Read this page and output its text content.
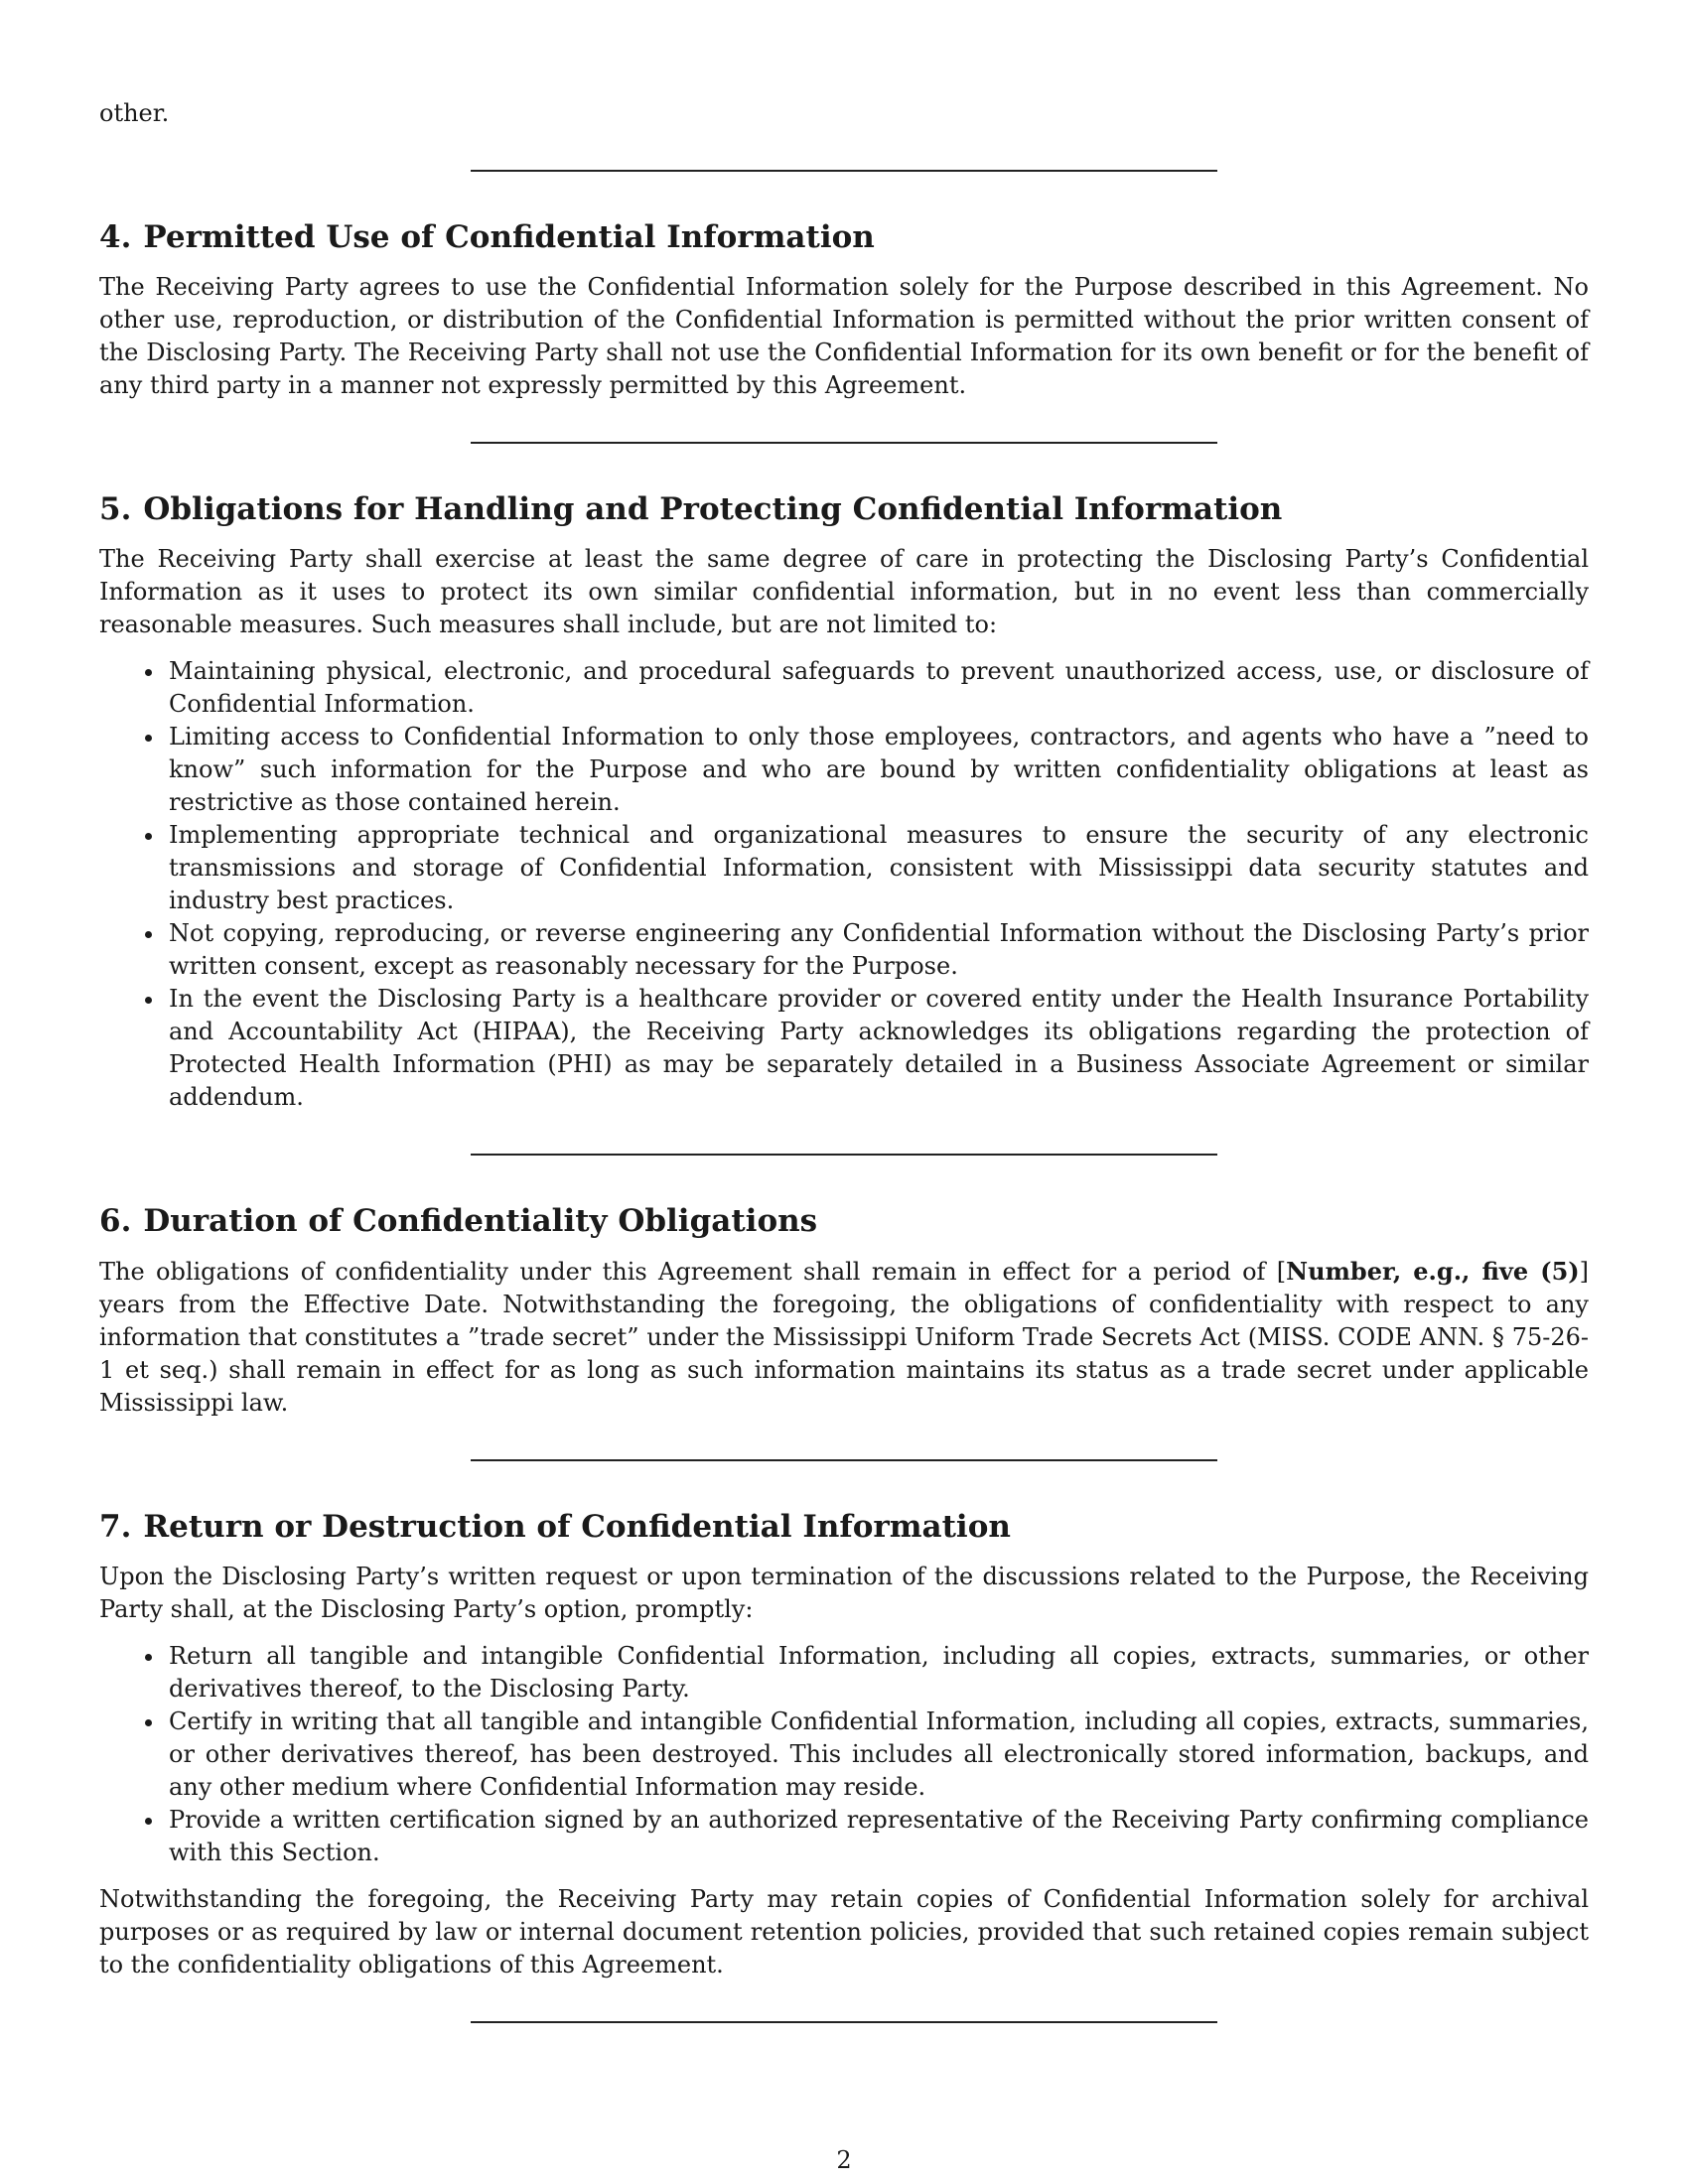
other.

4. Permitted Use of Confidential Information

The Receiving Party agrees to use the Confidential Information solely for the Purpose described in this Agreement. No other use, reproduction, or distribution of the Confidential Information is permitted without the prior written consent of the Disclosing Party. The Receiving Party shall not use the Confidential Information for its own benefit or for the benefit of any third party in a manner not expressly permitted by this Agreement.

5. Obligations for Handling and Protecting Confidential Information

The Receiving Party shall exercise at least the same degree of care in protecting the Disclosing Party’s Confidential Information as it uses to protect its own similar confidential information, but in no event less than commercially reasonable measures. Such measures shall include, but are not limited to:

Maintaining physical, electronic, and procedural safeguards to prevent unauthorized access, use, or disclosure of Confidential Information.
Limiting access to Confidential Information to only those employees, contractors, and agents who have a ”need to know” such information for the Purpose and who are bound by written confidentiality obligations at least as restrictive as those contained herein.
Implementing appropriate technical and organizational measures to ensure the security of any electronic transmissions and storage of Confidential Information, consistent with Mississippi data security statutes and industry best practices.
Not copying, reproducing, or reverse engineering any Confidential Information without the Disclosing Party’s prior written consent, except as reasonably necessary for the Purpose.
In the event the Disclosing Party is a healthcare provider or covered entity under the Health Insurance Portability and Accountability Act (HIPAA), the Receiving Party acknowledges its obligations regarding the protection of Protected Health Information (PHI) as may be separately detailed in a Business Associate Agreement or similar addendum.
6. Duration of Confidentiality Obligations

The obligations of confidentiality under this Agreement shall remain in effect for a period of [Number, e.g., five (5)] years from the Effective Date. Notwithstanding the foregoing, the obligations of confidentiality with respect to any information that constitutes a ”trade secret” under the Mississippi Uniform Trade Secrets Act (MISS. CODE ANN. § 75-26-1 et seq.) shall remain in effect for as long as such information maintains its status as a trade secret under applicable Mississippi law.

7. Return or Destruction of Confidential Information

Upon the Disclosing Party’s written request or upon termination of the discussions related to the Purpose, the Receiving Party shall, at the Disclosing Party’s option, promptly:

Return all tangible and intangible Confidential Information, including all copies, extracts, summaries, or other derivatives thereof, to the Disclosing Party.
Certify in writing that all tangible and intangible Confidential Information, including all copies, extracts, summaries, or other derivatives thereof, has been destroyed. This includes all electronically stored information, backups, and any other medium where Confidential Information may reside.
Provide a written certification signed by an authorized representative of the Receiving Party confirming compliance with this Section.

Notwithstanding the foregoing, the Receiving Party may retain copies of Confidential Information solely for archival purposes or as required by law or internal document retention policies, provided that such retained copies remain subject to the confidentiality obligations of this Agreement.

2
